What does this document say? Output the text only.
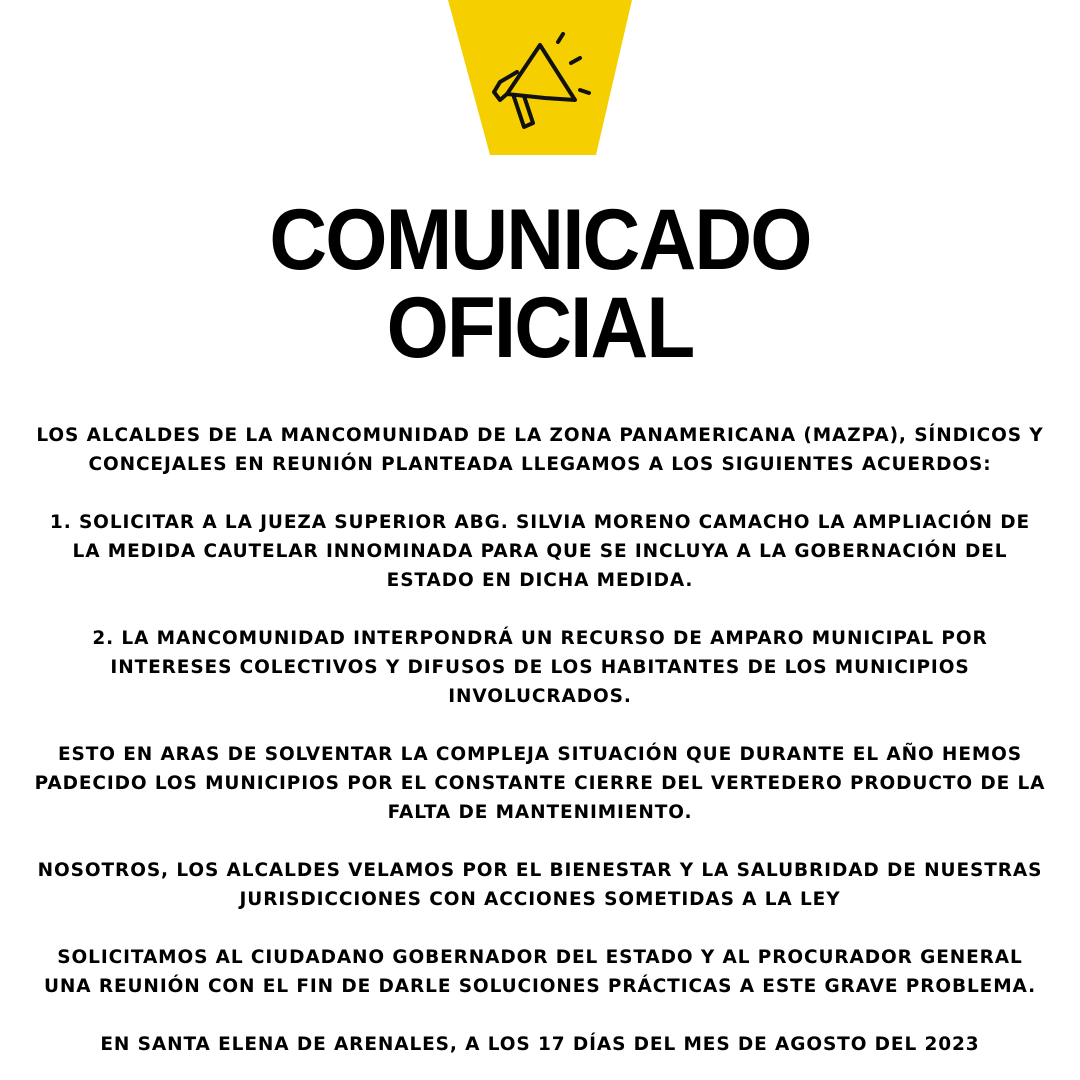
COMUNICADO
OFICIAL
LOS ALCALDES DE LA MANCOMUNIDAD DE LA ZONA PANAMERICANA (MAZPA), SÍNDICOS Y
CONCEJALES EN REUNIÓN PLANTEADA LLEGAMOS A LOS SIGUIENTES ACUERDOS:
1. SOLICITAR A LA JUEZA SUPERIOR ABG. SILVIA MORENO CAMACHO LA AMPLIACIÓN DE
LA MEDIDA CAUTELAR INNOMINADA PARA QUE SE INCLUYA A LA GOBERNACIÓN DEL
ESTADO EN DICHA MEDIDA.
2. LA MANCOMUNIDAD INTERPONDRÁ UN RECURSO DE AMPARO MUNICIPAL POR
INTERESES COLECTIVOS Y DIFUSOS DE LOS HABITANTES DE LOS MUNICIPIOS
INVOLUCRADOS.
ESTO EN ARAS DE SOLVENTAR LA COMPLEJA SITUACIÓN QUE DURANTE EL AÑO HEMOS
PADECIDO LOS MUNICIPIOS POR EL CONSTANTE CIERRE DEL VERTEDERO PRODUCTO DE LA
FALTA DE MANTENIMIENTO.
NOSOTROS, LOS ALCALDES VELAMOS POR EL BIENESTAR Y LA SALUBRIDAD DE NUESTRAS
JURISDICCIONES CON ACCIONES SOMETIDAS A LA LEY
SOLICITAMOS AL CIUDADANO GOBERNADOR DEL ESTADO Y AL PROCURADOR GENERAL
UNA REUNIÓN CON EL FIN DE DARLE SOLUCIONES PRÁCTICAS A ESTE GRAVE PROBLEMA.
EN SANTA ELENA DE ARENALES, A LOS 17 DÍAS DEL MES DE AGOSTO DEL 2023
